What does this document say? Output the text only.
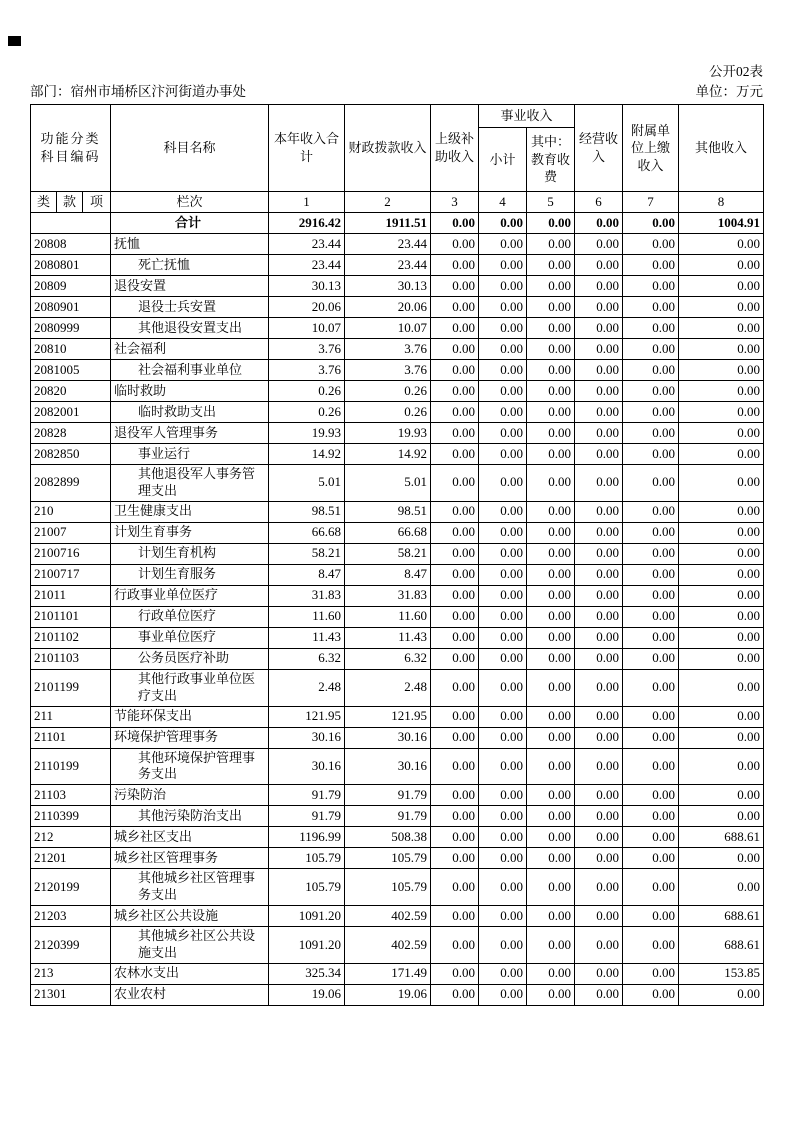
公开02表
部门：宿州市埇桥区汴河街道办事处	单位：万元
功能分类科目编码			科目名称	本年收入合计	财政拨款收入	上级补助收入	事业收入		经营收入	附属单位上缴收入	其他收入
							小计	其中：教育收费			
类	款	项	栏次	1	2	3	4	5	6	7	8
			合计	2916.42	1911.51	0.00	0.00	0.00	0.00	0.00	1004.91
20808			抚恤	23.44	23.44	0.00	0.00	0.00	0.00	0.00	0.00
2080801			死亡抚恤	23.44	23.44	0.00	0.00	0.00	0.00	0.00	0.00
20809			退役安置	30.13	30.13	0.00	0.00	0.00	0.00	0.00	0.00
2080901			退役士兵安置	20.06	20.06	0.00	0.00	0.00	0.00	0.00	0.00
2080999			其他退役安置支出	10.07	10.07	0.00	0.00	0.00	0.00	0.00	0.00
20810			社会福利	3.76	3.76	0.00	0.00	0.00	0.00	0.00	0.00
2081005			社会福利事业单位	3.76	3.76	0.00	0.00	0.00	0.00	0.00	0.00
20820			临时救助	0.26	0.26	0.00	0.00	0.00	0.00	0.00	0.00
2082001			临时救助支出	0.26	0.26	0.00	0.00	0.00	0.00	0.00	0.00
20828			退役军人管理事务	19.93	19.93	0.00	0.00	0.00	0.00	0.00	0.00
2082850			事业运行	14.92	14.92	0.00	0.00	0.00	0.00	0.00	0.00
2082899			其他退役军人事务管理支出	5.01	5.01	0.00	0.00	0.00	0.00	0.00	0.00
210			卫生健康支出	98.51	98.51	0.00	0.00	0.00	0.00	0.00	0.00
21007			计划生育事务	66.68	66.68	0.00	0.00	0.00	0.00	0.00	0.00
2100716			计划生育机构	58.21	58.21	0.00	0.00	0.00	0.00	0.00	0.00
2100717			计划生育服务	8.47	8.47	0.00	0.00	0.00	0.00	0.00	0.00
21011			行政事业单位医疗	31.83	31.83	0.00	0.00	0.00	0.00	0.00	0.00
2101101			行政单位医疗	11.60	11.60	0.00	0.00	0.00	0.00	0.00	0.00
2101102			事业单位医疗	11.43	11.43	0.00	0.00	0.00	0.00	0.00	0.00
2101103			公务员医疗补助	6.32	6.32	0.00	0.00	0.00	0.00	0.00	0.00
2101199			其他行政事业单位医疗支出	2.48	2.48	0.00	0.00	0.00	0.00	0.00	0.00
211			节能环保支出	121.95	121.95	0.00	0.00	0.00	0.00	0.00	0.00
21101			环境保护管理事务	30.16	30.16	0.00	0.00	0.00	0.00	0.00	0.00
2110199			其他环境保护管理事务支出	30.16	30.16	0.00	0.00	0.00	0.00	0.00	0.00
21103			污染防治	91.79	91.79	0.00	0.00	0.00	0.00	0.00	0.00
2110399			其他污染防治支出	91.79	91.79	0.00	0.00	0.00	0.00	0.00	0.00
212			城乡社区支出	1196.99	508.38	0.00	0.00	0.00	0.00	0.00	688.61
21201			城乡社区管理事务	105.79	105.79	0.00	0.00	0.00	0.00	0.00	0.00
2120199			其他城乡社区管理事务支出	105.79	105.79	0.00	0.00	0.00	0.00	0.00	0.00
21203			城乡社区公共设施	1091.20	402.59	0.00	0.00	0.00	0.00	0.00	688.61
2120399			其他城乡社区公共设施支出	1091.20	402.59	0.00	0.00	0.00	0.00	0.00	688.61
213			农林水支出	325.34	171.49	0.00	0.00	0.00	0.00	0.00	153.85
21301			农业农村	19.06	19.06	0.00	0.00	0.00	0.00	0.00	0.00
